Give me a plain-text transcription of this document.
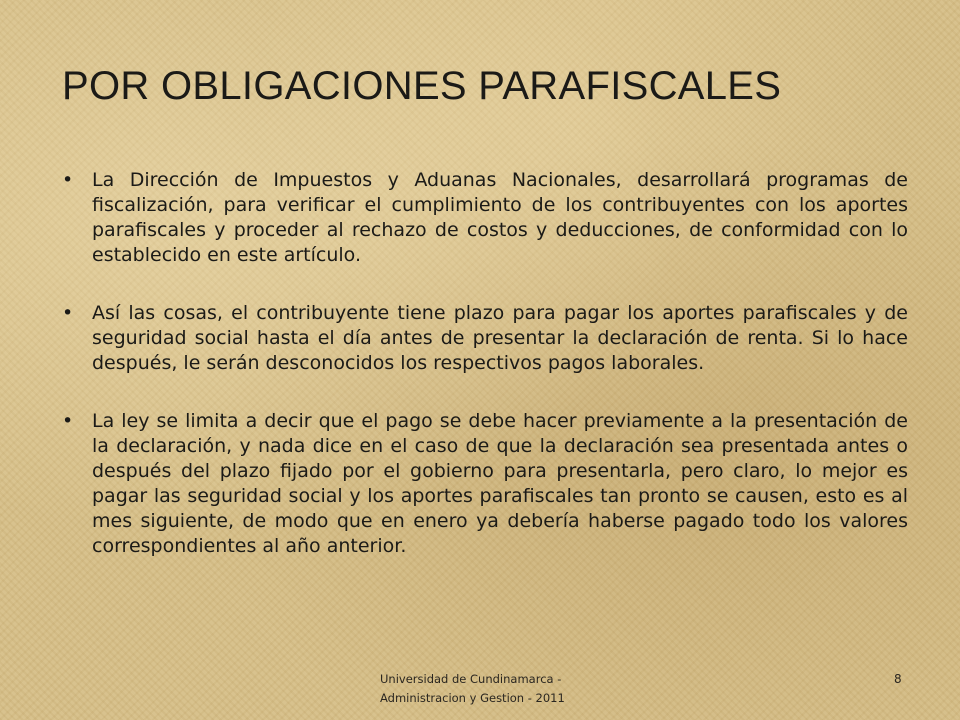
POR OBLIGACIONES PARAFISCALES
• La Dirección de Impuestos y Aduanas Nacionales, desarrollará programas de fiscalización, para verificar el cumplimiento de los contribuyentes con los aportes parafiscales y proceder al rechazo de costos y deducciones, de conformidad con lo establecido en este artículo.
• Así las cosas, el contribuyente tiene plazo para pagar los aportes parafiscales y de seguridad social hasta el día antes de presentar la declaración de renta. Si lo hace después, le serán desconocidos los respectivos pagos laborales.
• La ley se limita a decir que el pago se debe hacer previamente a la presentación de la declaración, y nada dice en el caso de que la declaración sea presentada antes o después del plazo fijado por el gobierno para presentarla, pero claro, lo mejor es pagar las seguridad social y los aportes parafiscales tan pronto se causen, esto es al mes siguiente, de modo que en enero ya debería haberse pagado todo los valores correspondientes al año anterior.
Universidad de Cundinamarca -
Administracion y Gestion - 2011
8
